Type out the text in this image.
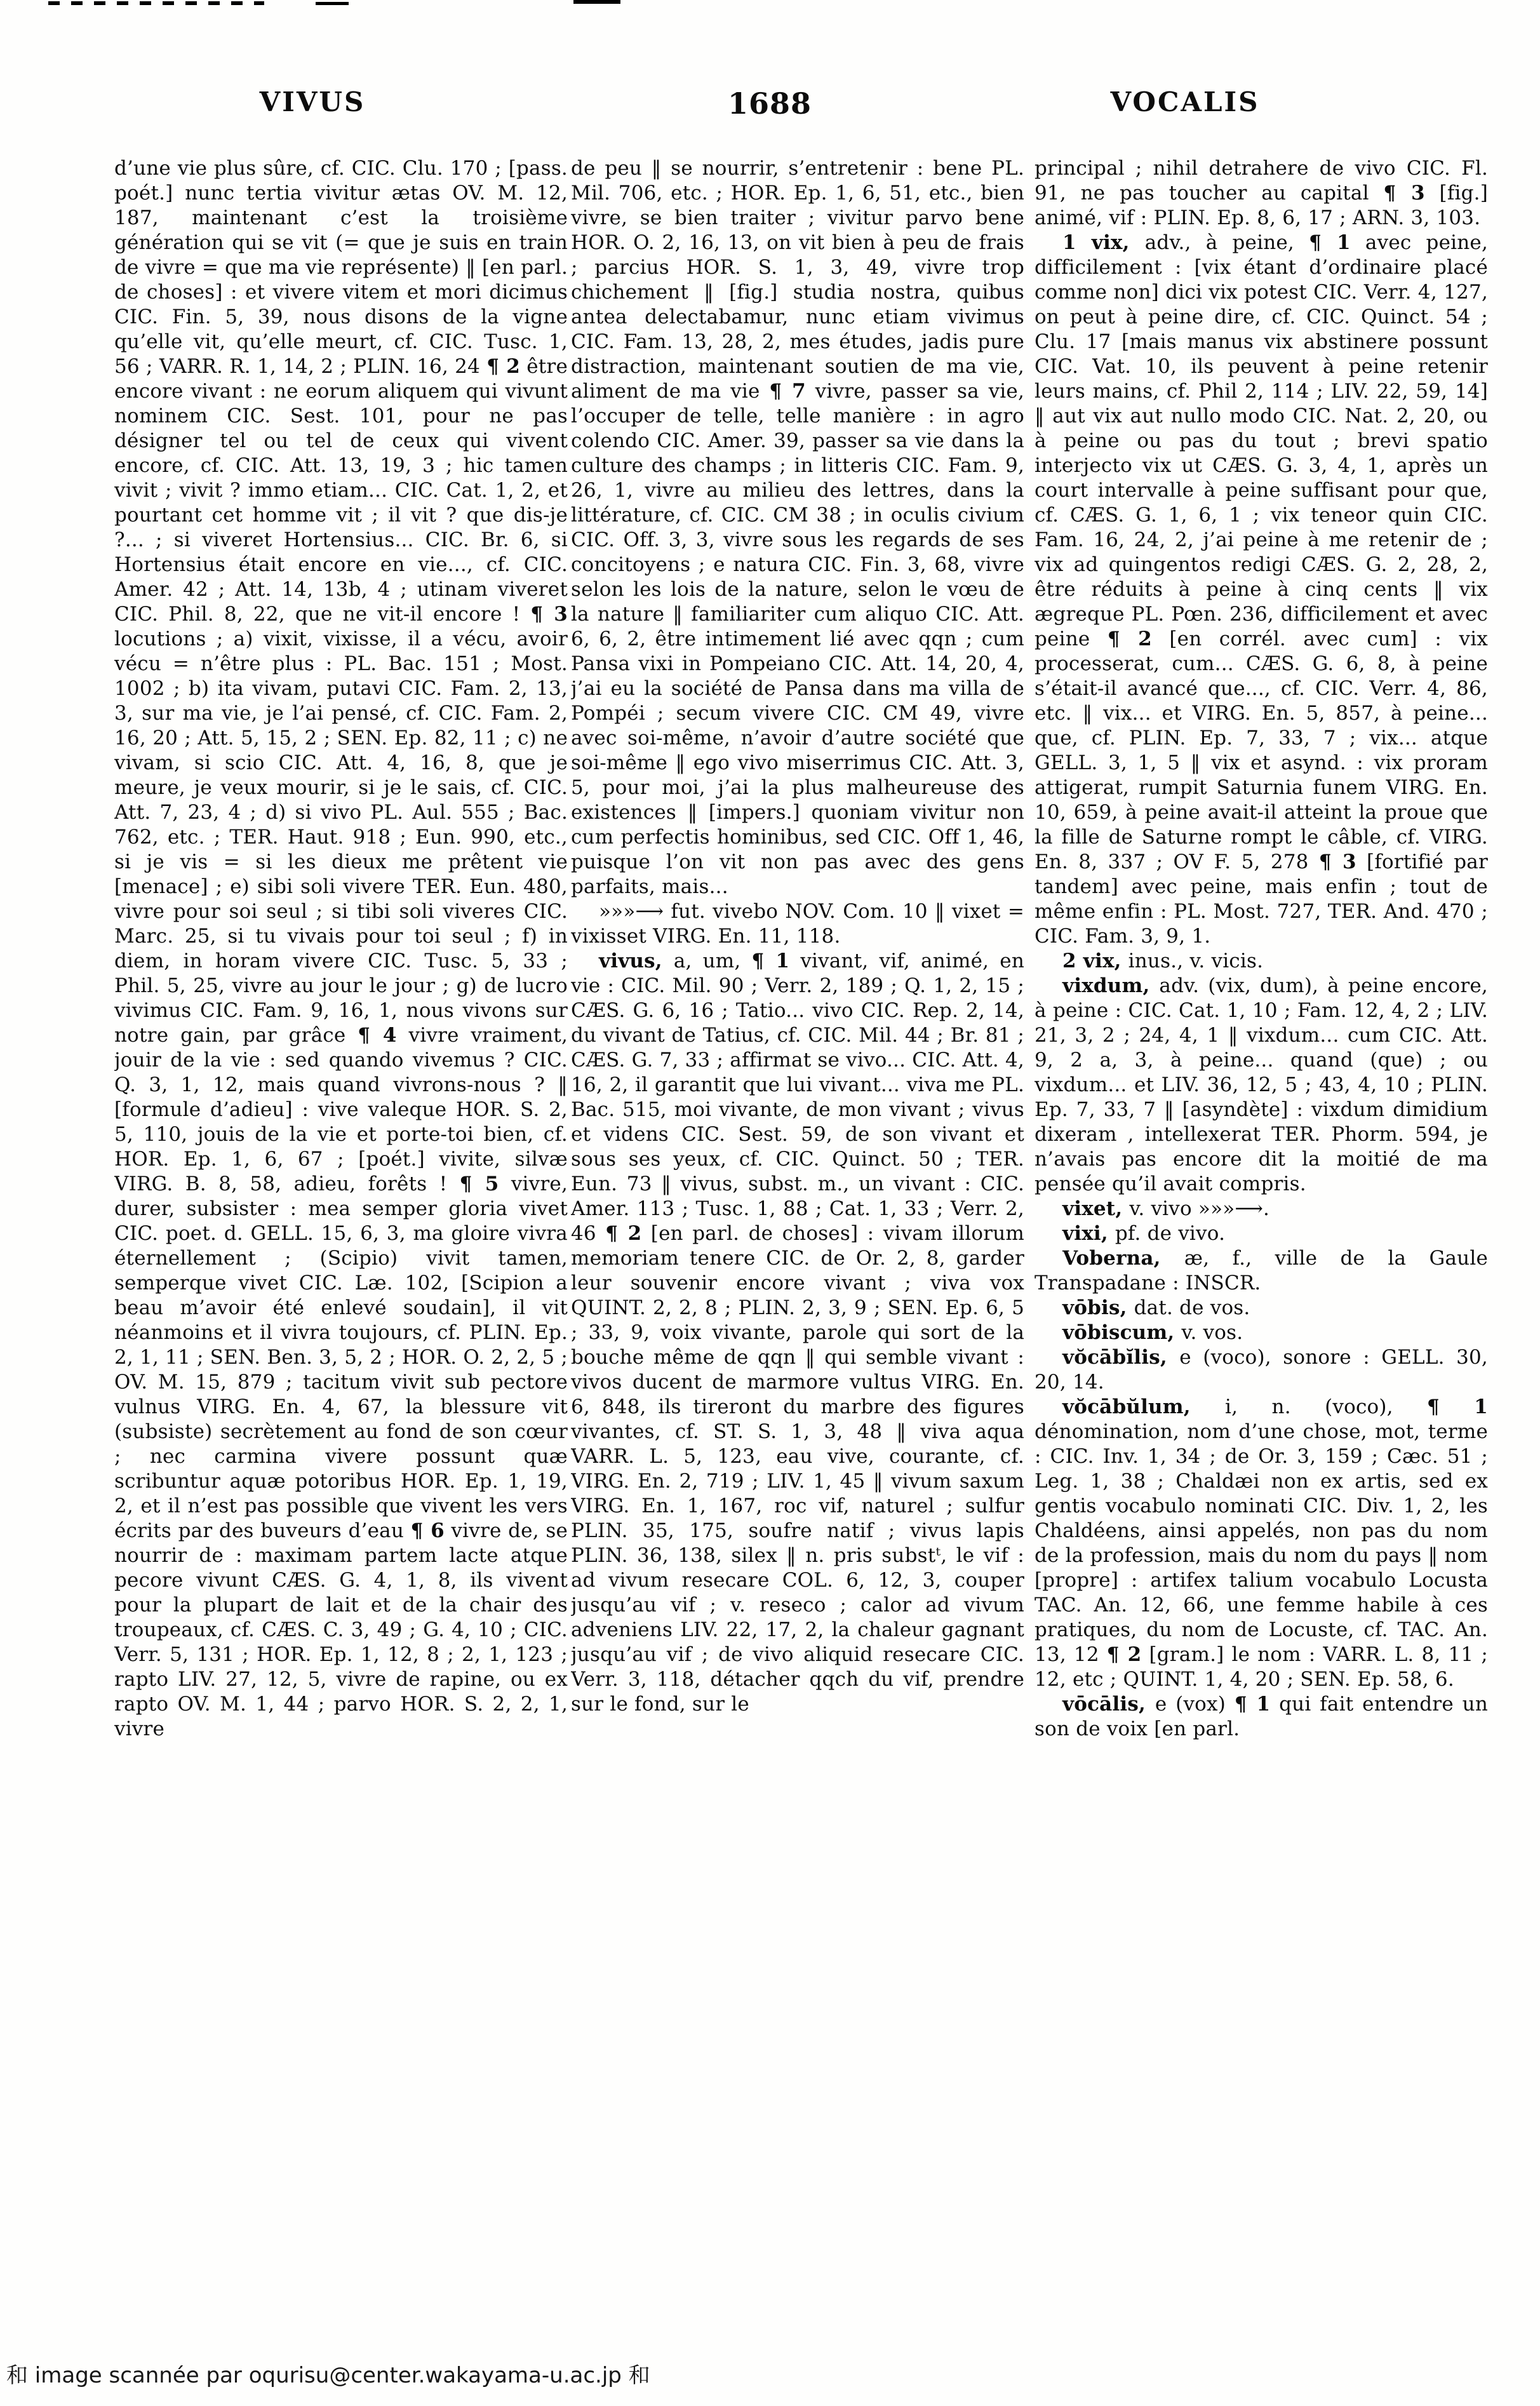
VIVUS	1688	VOCALIS

d’une vie plus sûre, cf. CIC. Clu. 170 ; [pass. poét.] nunc tertia vivitur ætas OV. M. 12, 187, maintenant c’est la troisième génération qui se vit (= que je suis en train de vivre = que ma vie représente) ‖ [en parl. de choses] : et vivere vitem et mori dicimus CIC. Fin. 5, 39, nous disons de la vigne qu’elle vit, qu’elle meurt, cf. CIC. Tusc. 1, 56 ; VARR. R. 1, 14, 2 ; PLIN. 16, 24 ¶ 2 être encore vivant : ne eorum aliquem qui vivunt nominem CIC. Sest. 101, pour ne pas désigner tel ou tel de ceux qui vivent encore, cf. CIC. Att. 13, 19, 3 ; hic tamen vivit ; vivit ? immo etiam... CIC. Cat. 1, 2, et pourtant cet homme vit ; il vit ? que dis-je ?... ; si viveret Hortensius... CIC. Br. 6, si Hortensius était encore en vie..., cf. CIC. Amer. 42 ; Att. 14, 13b, 4 ; utinam viveret CIC. Phil. 8, 22, que ne vit-il encore ! ¶ 3 locutions ; a) vixit, vixisse, il a vécu, avoir vécu = n’être plus : PL. Bac. 151 ; Most. 1002 ; b) ita vivam, putavi CIC. Fam. 2, 13, 3, sur ma vie, je l’ai pensé, cf. CIC. Fam. 2, 16, 20 ; Att. 5, 15, 2 ; SEN. Ep. 82, 11 ; c) ne vivam, si scio CIC. Att. 4, 16, 8, que je meure, je veux mourir, si je le sais, cf. CIC. Att. 7, 23, 4 ; d) si vivo PL. Aul. 555 ; Bac. 762, etc. ; TER. Haut. 918 ; Eun. 990, etc., si je vis = si les dieux me prêtent vie [menace] ; e) sibi soli vivere TER. Eun. 480, vivre pour soi seul ; si tibi soli viveres CIC. Marc. 25, si tu vivais pour toi seul ; f) in diem, in horam vivere CIC. Tusc. 5, 33 ; Phil. 5, 25, vivre au jour le jour ; g) de lucro vivimus CIC. Fam. 9, 16, 1, nous vivons sur notre gain, par grâce ¶ 4 vivre vraiment, jouir de la vie : sed quando vivemus ? CIC. Q. 3, 1, 12, mais quand vivrons-nous ? ‖ [formule d’adieu] : vive valeque HOR. S. 2, 5, 110, jouis de la vie et porte-toi bien, cf. HOR. Ep. 1, 6, 67 ; [poét.] vivite, silvæ VIRG. B. 8, 58, adieu, forêts ! ¶ 5 vivre, durer, subsister : mea semper gloria vivet CIC. poet. d. GELL. 15, 6, 3, ma gloire vivra éternellement ; (Scipio) vivit tamen, semperque vivet CIC. Læ. 102, [Scipion a beau m’avoir été enlevé soudain], il vit néanmoins et il vivra toujours, cf. PLIN. Ep. 2, 1, 11 ; SEN. Ben. 3, 5, 2 ; HOR. O. 2, 2, 5 ; OV. M. 15, 879 ; tacitum vivit sub pectore vulnus VIRG. En. 4, 67, la blessure vit (subsiste) secrètement au fond de son cœur ; nec carmina vivere possunt quæ scribuntur aquæ potoribus HOR. Ep. 1, 19, 2, et il n’est pas possible que vivent les vers écrits par des buveurs d’eau ¶ 6 vivre de, se nourrir de : maximam partem lacte atque pecore vivunt CÆS. G. 4, 1, 8, ils vivent pour la plupart de lait et de la chair des troupeaux, cf. CÆS. C. 3, 49 ; G. 4, 10 ; CIC. Verr. 5, 131 ; HOR. Ep. 1, 12, 8 ; 2, 1, 123 ; rapto LIV. 27, 12, 5, vivre de rapine, ou ex rapto OV. M. 1, 44 ; parvo HOR. S. 2, 2, 1, vivre

de peu ‖ se nourrir, s’entretenir : bene PL. Mil. 706, etc. ; HOR. Ep. 1, 6, 51, etc., bien vivre, se bien traiter ; vivitur parvo bene HOR. O. 2, 16, 13, on vit bien à peu de frais ; parcius HOR. S. 1, 3, 49, vivre trop chichement ‖ [fig.] studia nostra, quibus antea delectabamur, nunc etiam vivimus CIC. Fam. 13, 28, 2, mes études, jadis pure distraction, maintenant soutien de ma vie, aliment de ma vie ¶ 7 vivre, passer sa vie, l’occuper de telle, telle manière : in agro colendo CIC. Amer. 39, passer sa vie dans la culture des champs ; in litteris CIC. Fam. 9, 26, 1, vivre au milieu des lettres, dans la littérature, cf. CIC. CM 38 ; in oculis civium CIC. Off. 3, 3, vivre sous les regards de ses concitoyens ; e natura CIC. Fin. 3, 68, vivre selon les lois de la nature, selon le vœu de la nature ‖ familiariter cum aliquo CIC. Att. 6, 6, 2, être intimement lié avec qqn ; cum Pansa vixi in Pompeiano CIC. Att. 14, 20, 4, j’ai eu la société de Pansa dans ma villa de Pompéi ; secum vivere CIC. CM 49, vivre avec soi-même, n’avoir d’autre société que soi-même ‖ ego vivo miserrimus CIC. Att. 3, 5, pour moi, j’ai la plus malheureuse des existences ‖ [impers.] quoniam vivitur non cum perfectis hominibus, sed CIC. Off 1, 46, puisque l’on vit non pas avec des gens parfaits, mais...

»»»⟶ fut. vivebo NOV. Com. 10 ‖ vixet = vixisset VIRG. En. 11, 118.

vivus, a, um, ¶ 1 vivant, vif, animé, en vie : CIC. Mil. 90 ; Verr. 2, 189 ; Q. 1, 2, 15 ; CÆS. G. 6, 16 ; Tatio... vivo CIC. Rep. 2, 14, du vivant de Tatius, cf. CIC. Mil. 44 ; Br. 81 ; CÆS. G. 7, 33 ; affirmat se vivo... CIC. Att. 4, 16, 2, il garantit que lui vivant... viva me PL. Bac. 515, moi vivante, de mon vivant ; vivus et videns CIC. Sest. 59, de son vivant et sous ses yeux, cf. CIC. Quinct. 50 ; TER. Eun. 73 ‖ vivus, subst. m., un vivant : CIC. Amer. 113 ; Tusc. 1, 88 ; Cat. 1, 33 ; Verr. 2, 46 ¶ 2 [en parl. de choses] : vivam illorum memoriam tenere CIC. de Or. 2, 8, garder leur souvenir encore vivant ; viva vox QUINT. 2, 2, 8 ; PLIN. 2, 3, 9 ; SEN. Ep. 6, 5 ; 33, 9, voix vivante, parole qui sort de la bouche même de qqn ‖ qui semble vivant : vivos ducent de marmore vultus VIRG. En. 6, 848, ils tireront du marbre des figures vivantes, cf. ST. S. 1, 3, 48 ‖ viva aqua VARR. L. 5, 123, eau vive, courante, cf. VIRG. En. 2, 719 ; LIV. 1, 45 ‖ vivum saxum VIRG. En. 1, 167, roc vif, naturel ; sulfur PLIN. 35, 175, soufre natif ; vivus lapis PLIN. 36, 138, silex ‖ n. pris substᵗ, le vif : ad vivum resecare COL. 6, 12, 3, couper jusqu’au vif ; v. reseco ; calor ad vivum adveniens LIV. 22, 17, 2, la chaleur gagnant jusqu’au vif ; de vivo aliquid resecare CIC. Verr. 3, 118, détacher qqch du vif, prendre sur le fond, sur le

principal ; nihil detrahere de vivo CIC. Fl. 91, ne pas toucher au capital ¶ 3 [fig.] animé, vif : PLIN. Ep. 8, 6, 17 ; ARN. 3, 103.

1 vix, adv., à peine, ¶ 1 avec peine, difficilement : [vix étant d’ordinaire placé comme non] dici vix potest CIC. Verr. 4, 127, on peut à peine dire, cf. CIC. Quinct. 54 ; Clu. 17 [mais manus vix abstinere possunt CIC. Vat. 10, ils peuvent à peine retenir leurs mains, cf. Phil 2, 114 ; LIV. 22, 59, 14] ‖ aut vix aut nullo modo CIC. Nat. 2, 20, ou à peine ou pas du tout ; brevi spatio interjecto vix ut CÆS. G. 3, 4, 1, après un court intervalle à peine suffisant pour que, cf. CÆS. G. 1, 6, 1 ; vix teneor quin CIC. Fam. 16, 24, 2, j’ai peine à me retenir de ; vix ad quingentos redigi CÆS. G. 2, 28, 2, être réduits à peine à cinq cents ‖ vix ægreque PL. Pœn. 236, difficilement et avec peine ¶ 2 [en corrél. avec cum] : vix processerat, cum... CÆS. G. 6, 8, à peine s’était-il avancé que..., cf. CIC. Verr. 4, 86, etc. ‖ vix... et VIRG. En. 5, 857, à peine... que, cf. PLIN. Ep. 7, 33, 7 ; vix... atque GELL. 3, 1, 5 ‖ vix et asynd. : vix proram attigerat, rumpit Saturnia funem VIRG. En. 10, 659, à peine avait-il atteint la proue que la fille de Saturne rompt le câble, cf. VIRG. En. 8, 337 ; OV F. 5, 278 ¶ 3 [fortifié par tandem] avec peine, mais enfin ; tout de même enfin : PL. Most. 727, TER. And. 470 ; CIC. Fam. 3, 9, 1.

2 vix, inus., v. vicis.

vixdum, adv. (vix, dum), à peine encore, à peine : CIC. Cat. 1, 10 ; Fam. 12, 4, 2 ; LIV. 21, 3, 2 ; 24, 4, 1 ‖ vixdum... cum CIC. Att. 9, 2 a, 3, à peine... quand (que) ; ou vixdum... et LIV. 36, 12, 5 ; 43, 4, 10 ; PLIN. Ep. 7, 33, 7 ‖ [asyndète] : vixdum dimidium dixeram , intellexerat TER. Phorm. 594, je n’avais pas encore dit la moitié de ma pensée qu’il avait compris.

vixet, v. vivo »»»⟶.

vixi, pf. de vivo.

Voberna, æ, f., ville de la Gaule Transpadane : INSCR.

vōbis, dat. de vos.

vōbiscum, v. vos.

vŏcābĭlis, e (voco), sonore : GELL. 30, 20, 14.

vŏcābŭlum, i, n. (voco), ¶ 1 dénomination, nom d’une chose, mot, terme : CIC. Inv. 1, 34 ; de Or. 3, 159 ; Cæc. 51 ; Leg. 1, 38 ; Chaldæi non ex artis, sed ex gentis vocabulo nominati CIC. Div. 1, 2, les Chaldéens, ainsi appelés, non pas du nom de la profession, mais du nom du pays ‖ nom [propre] : artifex talium vocabulo Locusta TAC. An. 12, 66, une femme habile à ces pratiques, du nom de Locuste, cf. TAC. An. 13, 12 ¶ 2 [gram.] le nom : VARR. L. 8, 11 ; 12, etc ; QUINT. 1, 4, 20 ; SEN. Ep. 58, 6.

vōcālis, e (vox) ¶ 1 qui fait entendre un son de voix [en parl.

和 image scannée par oqurisu@center.wakayama-u.ac.jp 和
